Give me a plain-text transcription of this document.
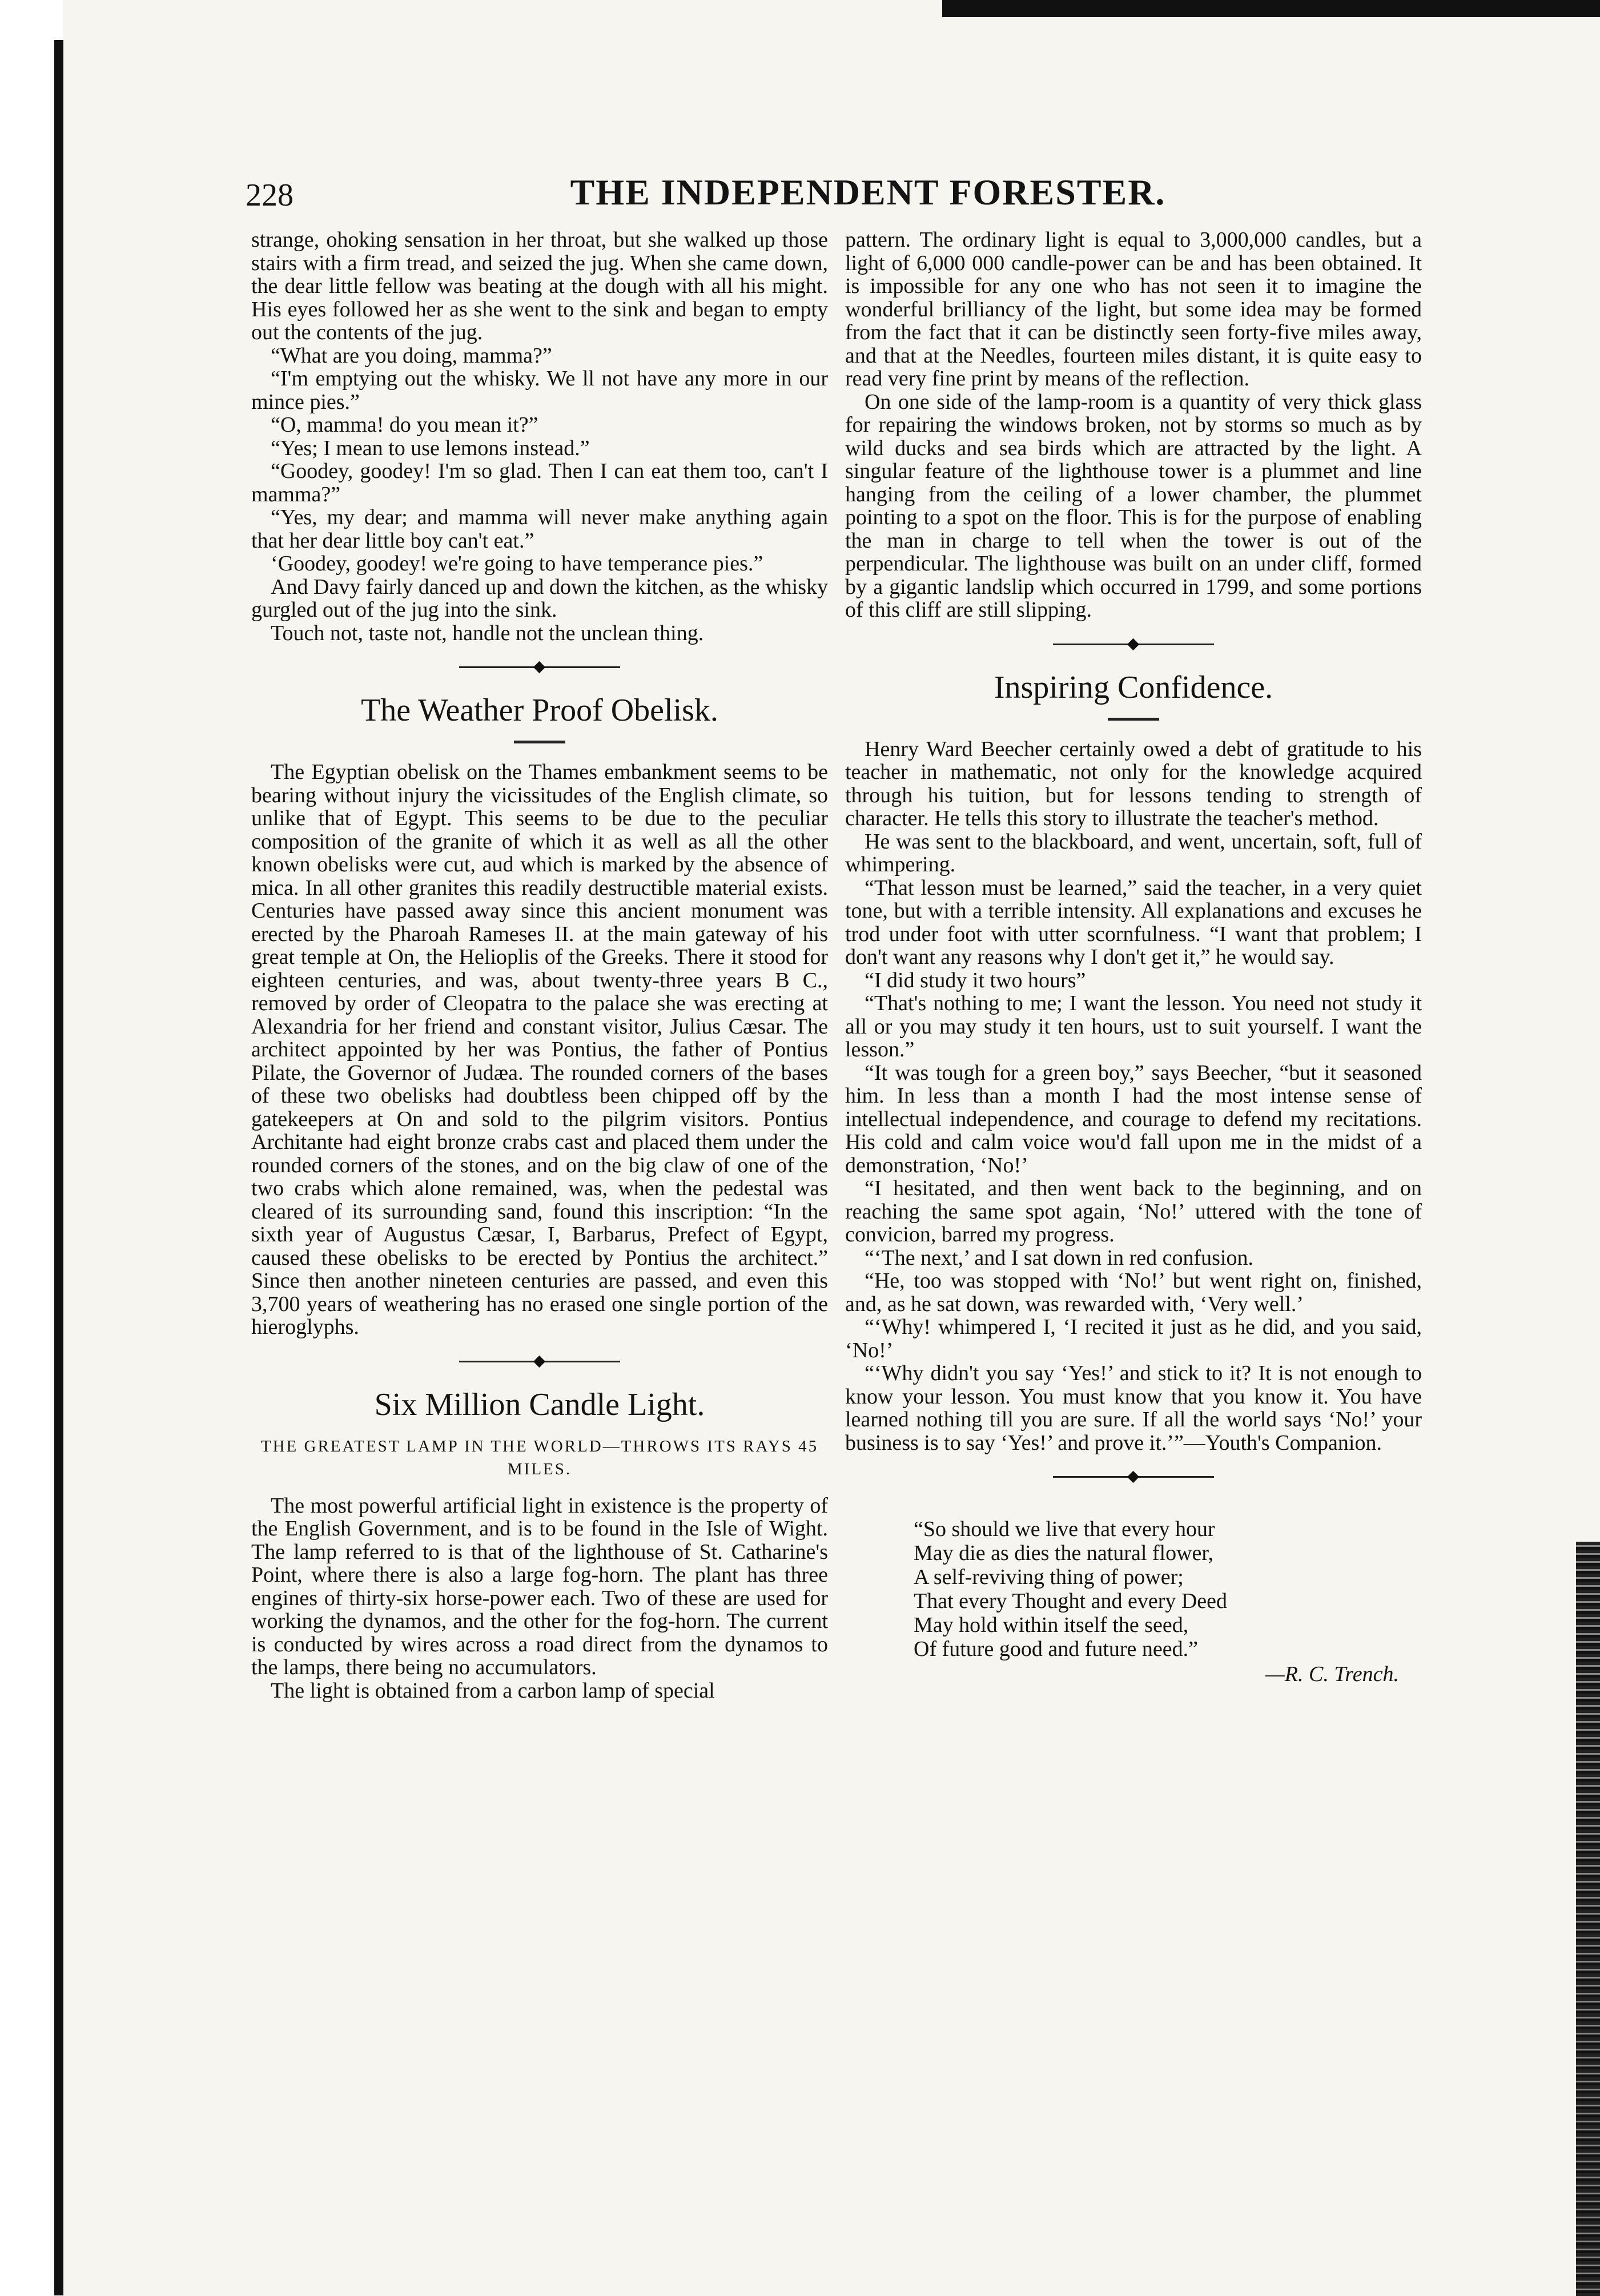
228	THE INDEPENDENT FORESTER.

strange, ohoking sensation in her throat, but she walked up those stairs with a firm tread, and seized the jug. When she came down, the dear little fellow was beating at the dough with all his might. His eyes followed her as she went to the sink and began to empty out the contents of the jug.

“What are you doing, mamma?”

“I'm emptying out the whisky. We ll not have any more in our mince pies.”

“O, mamma! do you mean it?”

“Yes; I mean to use lemons instead.”

“Goodey, goodey! I'm so glad. Then I can eat them too, can't I mamma?”

“Yes, my dear; and mamma will never make anything again that her dear little boy can't eat.”

‘Goodey, goodey! we're going to have temperance pies.”

And Davy fairly danced up and down the kitchen, as the whisky gurgled out of the jug into the sink.

Touch not, taste not, handle not the unclean thing.

The Weather Proof Obelisk.

The Egyptian obelisk on the Thames embankment seems to be bearing without injury the vicissitudes of the English climate, so unlike that of Egypt. This seems to be due to the peculiar composition of the granite of which it as well as all the other known obelisks were cut, aud which is marked by the absence of mica. In all other granites this readily destructible material exists. Centuries have passed away since this ancient monument was erected by the Pharoah Rameses II. at the main gateway of his great temple at On, the Helioplis of the Greeks. There it stood for eighteen centuries, and was, about twenty-three years B C., removed by order of Cleopatra to the palace she was erecting at Alexandria for her friend and constant visitor, Julius Cæsar. The architect appointed by her was Pontius, the father of Pontius Pilate, the Governor of Judæa. The rounded corners of the bases of these two obelisks had doubtless been chipped off by the gatekeepers at On and sold to the pilgrim visitors. Pontius Architante had eight bronze crabs cast and placed them under the rounded corners of the stones, and on the big claw of one of the two crabs which alone remained, was, when the pedestal was cleared of its surrounding sand, found this inscription: “In the sixth year of Augustus Cæsar, I, Barbarus, Prefect of Egypt, caused these obelisks to be erected by Pontius the architect.” Since then another nineteen centuries are passed, and even this 3,700 years of weathering has no erased one single portion of the hieroglyphs.

Six Million Candle Light.
THE GREATEST LAMP IN THE WORLD—THROWS ITS RAYS 45 MILES.

The most powerful artificial light in existence is the property of the English Government, and is to be found in the Isle of Wight. The lamp referred to is that of the lighthouse of St. Catharine's Point, where there is also a large fog-horn. The plant has three engines of thirty-six horse-power each. Two of these are used for working the dynamos, and the other for the fog-horn. The current is conducted by wires across a road direct from the dynamos to the lamps, there being no accumulators.

The light is obtained from a carbon lamp of special

pattern. The ordinary light is equal to 3,000,000 candles, but a light of 6,000 000 candle-power can be and has been obtained. It is impossible for any one who has not seen it to imagine the wonderful brilliancy of the light, but some idea may be formed from the fact that it can be distinctly seen forty-five miles away, and that at the Needles, fourteen miles distant, it is quite easy to read very fine print by means of the reflection.

On one side of the lamp-room is a quantity of very thick glass for repairing the windows broken, not by storms so much as by wild ducks and sea birds which are attracted by the light. A singular feature of the lighthouse tower is a plummet and line hanging from the ceiling of a lower chamber, the plummet pointing to a spot on the floor. This is for the purpose of enabling the man in charge to tell when the tower is out of the perpendicular. The lighthouse was built on an under cliff, formed by a gigantic landslip which occurred in 1799, and some portions of this cliff are still slipping.

Inspiring Confidence.

Henry Ward Beecher certainly owed a debt of gratitude to his teacher in mathematic, not only for the knowledge acquired through his tuition, but for lessons tending to strength of character. He tells this story to illustrate the teacher's method.

He was sent to the blackboard, and went, uncertain, soft, full of whimpering.

“That lesson must be learned,” said the teacher, in a very quiet tone, but with a terrible intensity. All explanations and excuses he trod under foot with utter scornfulness. “I want that problem; I don't want any reasons why I don't get it,” he would say.

“I did study it two hours”

“That's nothing to me; I want the lesson. You need not study it all or you may study it ten hours, ust to suit yourself. I want the lesson.”

“It was tough for a green boy,” says Beecher, “but it seasoned him. In less than a month I had the most intense sense of intellectual independence, and courage to defend my recitations. His cold and calm voice wou'd fall upon me in the midst of a demonstration, ‘No!’

“I hesitated, and then went back to the beginning, and on reaching the same spot again, ‘No!’ uttered with the tone of convicion, barred my progress.

“‘The next,’ and I sat down in red confusion.

“He, too was stopped with ‘No!’ but went right on, finished, and, as he sat down, was rewarded with, ‘Very well.’

“‘Why! whimpered I, ‘I recited it just as he did, and you said, ‘No!’

“‘Why didn't you say ‘Yes!’ and stick to it? It is not enough to know your lesson. You must know that you know it. You have learned nothing till you are sure. If all the world says ‘No!’ your business is to say ‘Yes!’ and prove it.’”—Youth's Companion.

“So should we live that every hour
May die as dies the natural flower,
A self-reviving thing of power;
That every Thought and every Deed
May hold within itself the seed,
Of future good and future need.”
—R. C. Trench.
